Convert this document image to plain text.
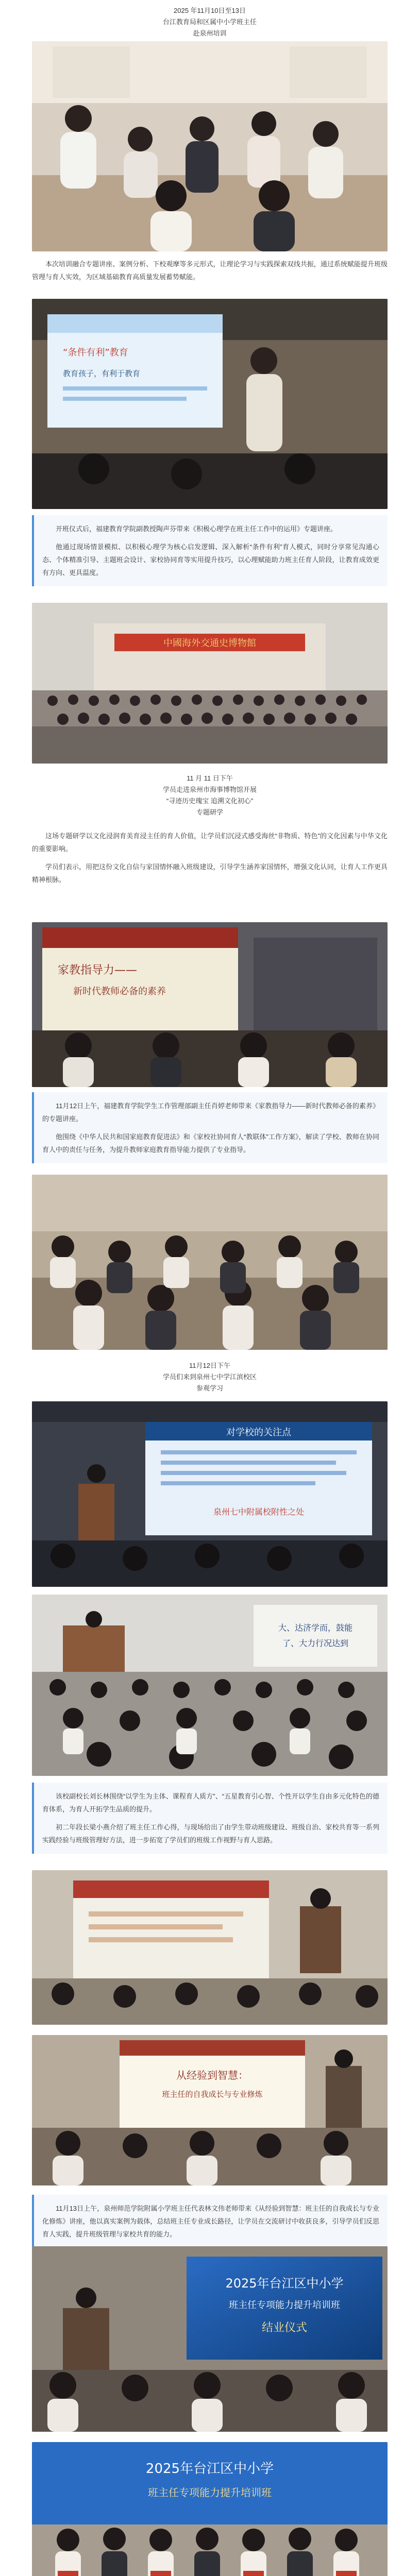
2025 年11月10日至13日
台江教育局和区属中小学班主任
赴泉州培训

本次培训融合专题讲座、案例分析、下校观摩等多元形式，让理论学习与实践探索双线共振，通过系统赋能提升班级管理与育人实效，为区域基础教育高质量发展蓄势赋能。

“条件有利”教育
教育孩子，有利于教育

开班仪式后，福建教育学院副教授陶声芬带来《积极心理学在班主任工作中的运用》专题讲座。

他通过现场情景模拟、以积极心理学为核心启发逻辑、深入解析“条件有利”育人模式，同时分享常见沟通心态、个体精准引导、主题班会设计、家校协同育等实用提升技巧，以心理赋能助力班主任育人阶段，让教育成效更有方向、更具温度。

中國海外交通史博物館
11 月 11 日下午
学员走进泉州市海事博物馆开展
“寻迹历史瑰宝 追溯文化初心”
专题研学

这场专题研学以文化浸润育美育浸主任的育人价值，让学员们沉浸式感受海丝“非物质、特色”的文化因素与中华文化的重要影响。

学员们表示，用把这份文化自信与家国情怀融入班级建设，引导学生涵养家国情怀，增强文化认同，让育人工作更具精神根脉。

家教指导力——
新时代教师必备的素养

11月12日上午，福建教育学院学生工作管理部副主任肖婷老师带来《家教指导力——新时代教师必备的素养》的专题讲座。

他围绕《中华人民共和国家庭教育促进法》和《家校社协同育人“教联体”工作方案》，解读了学校、教师在协同育人中的责任与任务，为提升教师家庭教育指导能力提供了专业指导。

11月12日下午
学员们来到泉州七中学江滨校区
参观学习
对学校的关注点
泉州七中附属校附性之处
大、达济学而，鼓能
了、大力行况达到

该校副校长刘长林围绕“以学生为主体、课程育人质方”、“五星教育引心智、个性开以学生自由多元化特色的德育体系，为育人开拓学生品质的提升。

初二年段长梁小燕介绍了班主任工作心得，与现场给出了由学生带动班级建设、班级自治、家校共育等一系列实践经验与班级管理好方法，进一步拓宽了学员们的班级工作视野与育人思路。

从经验到智慧：
班主任的自我成长与专业修炼

11月13日上午，泉州师范学院附属小学班主任代表林文伟老师带来《从经验到智慧：班主任的自我成长与专业化修炼》讲座，他以真实案例为载体，总结班主任专业成长路径，让学员在交流研讨中收获良多，引导学员们反思育人实践，提升班级管理与家校共育的能力。

2025年台江区中小学
班主任专项能力提升培训班
结业仪式
2025年台江区中小学
班主任专项能力提升培训班
